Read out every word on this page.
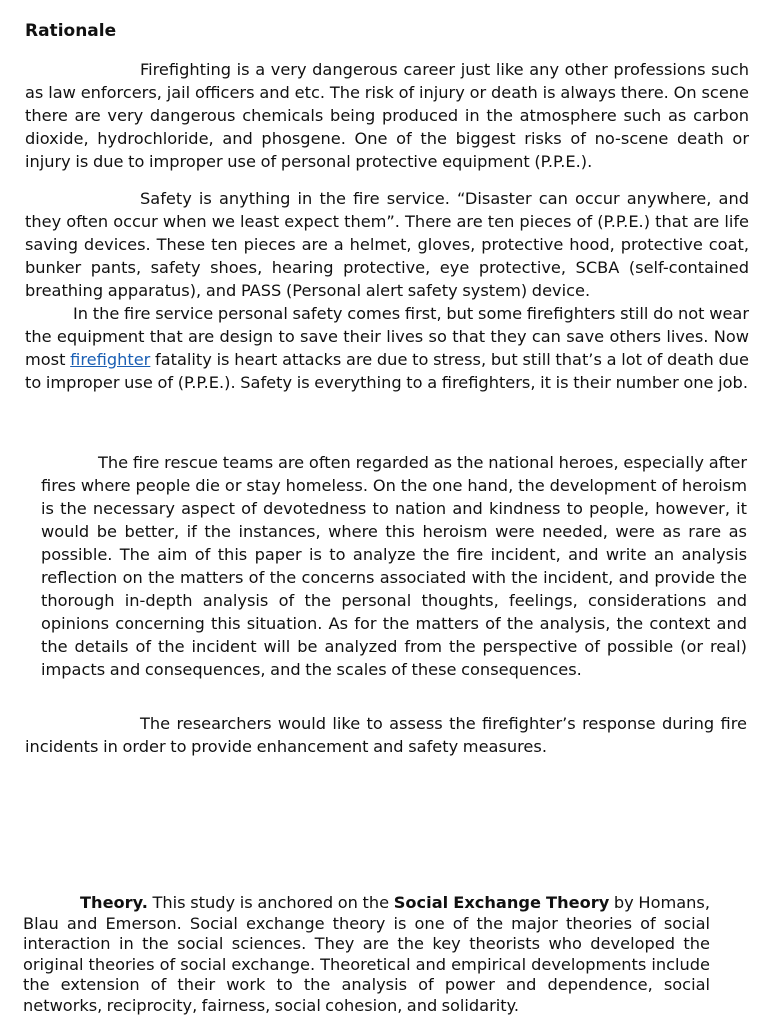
Rationale

Firefighting is a very dangerous career just like any other professions such as law enforcers, jail officers and etc. The risk of injury or death is always there. On scene there are very dangerous chemicals being produced in the atmosphere such as carbon dioxide, hydrochloride, and phosgene. One of the biggest risks of no-scene death or injury is due to improper use of personal protective equipment (P.P.E.).

Safety is anything in the fire service. “Disaster can occur anywhere, and they often occur when we least expect them”. There are ten pieces of (P.P.E.) that are life saving devices. These ten pieces are a helmet, gloves, protective hood, protective coat, bunker pants, safety shoes, hearing protective, eye protective, SCBA (self-contained breathing apparatus), and PASS (Personal alert safety system) device.

In the fire service personal safety comes first, but some firefighters still do not wear the equipment that are design to save their lives so that they can save others lives. Now most firefighter fatality is heart attacks are due to stress, but still that’s a lot of death due to improper use of (P.P.E.). Safety is everything to a firefighters, it is their number one job.

The fire rescue teams are often regarded as the national heroes, especially after fires where people die or stay homeless. On the one hand, the development of heroism is the necessary aspect of devotedness to nation and kindness to people, however, it would be better, if the instances, where this heroism were needed, were as rare as possible. The aim of this paper is to analyze the fire incident, and write an analysis reflection on the matters of the concerns associated with the incident, and provide the thorough in-depth analysis of the personal thoughts, feelings, considerations and opinions concerning this situation. As for the matters of the analysis, the context and the details of the incident will be analyzed from the perspective of possible (or real) impacts and consequences, and the scales of these consequences.

The researchers would like to assess the firefighter’s response during fire incidents in order to provide enhancement and safety measures.

Theory. This study is anchored on the Social Exchange Theory by Homans, Blau and Emerson. Social exchange theory is one of the major theories of social interaction in the social sciences. They are the key theorists who developed the original theories of social exchange. Theoretical and empirical developments include the extension of their work to the analysis of power and dependence, social networks, reciprocity, fairness, social cohesion, and solidarity.
